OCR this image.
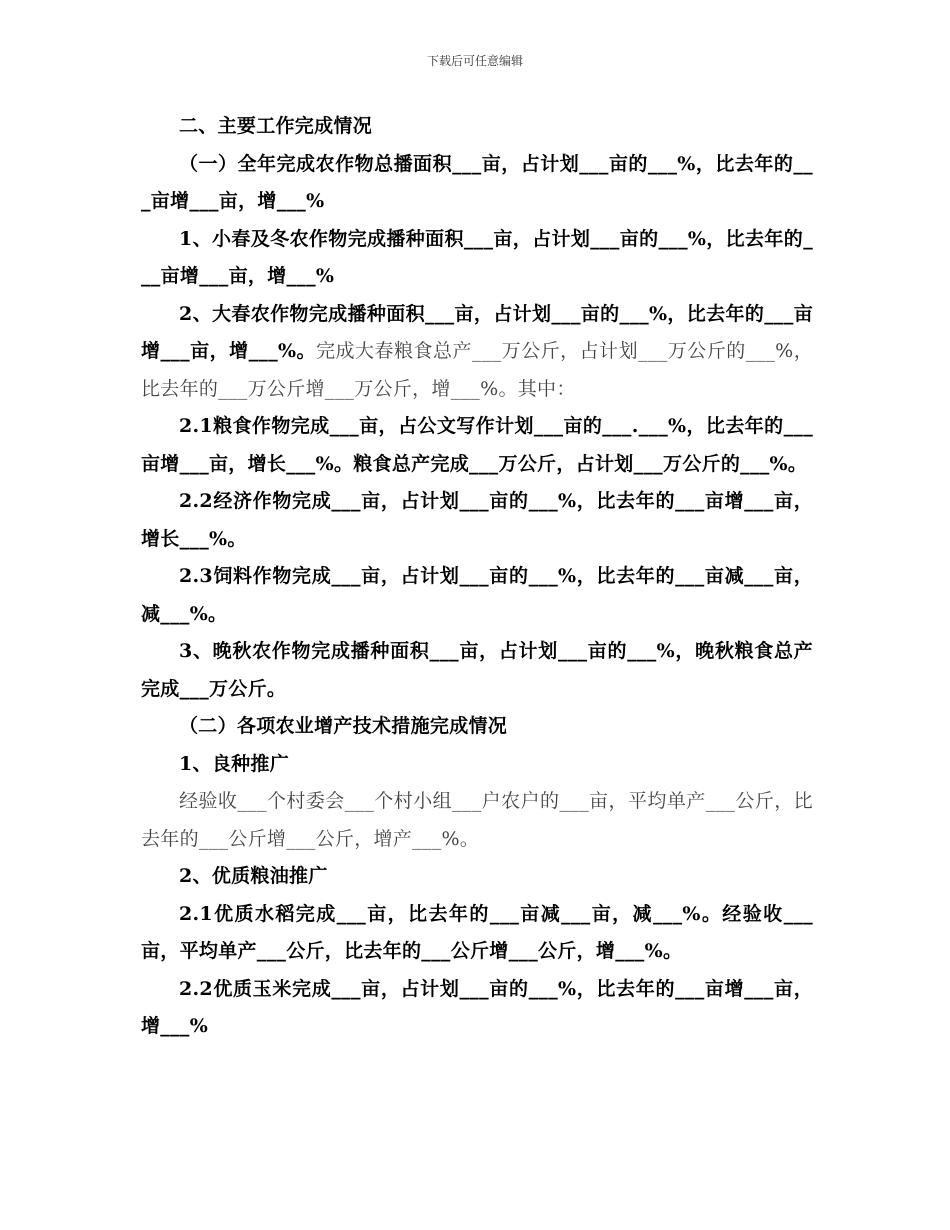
下载后可任意编辑

二、主要工作完成情况

（一）全年完成农作物总播面积___亩，占计划___亩的___%，比去年的___亩增___亩，增___%

1、小春及冬农作物完成播种面积___亩，占计划___亩的___%，比去年的___亩增___亩，增___%

2、大春农作物完成播种面积___亩，占计划___亩的___%，比去年的___亩增___亩，增___%。完成大春粮食总产___万公斤，占计划___万公斤的___%，比去年的___万公斤增___万公斤，增___%。其中：

2.1粮食作物完成___亩，占公文写作计划___亩的___.___%，比去年的___亩增___亩，增长___%。粮食总产完成___万公斤，占计划___万公斤的___%。

2.2经济作物完成___亩，占计划___亩的___%，比去年的___亩增___亩，增长___%。

2.3饲料作物完成___亩，占计划___亩的___%，比去年的___亩减___亩，减___%。

3、晚秋农作物完成播种面积___亩，占计划___亩的___%，晚秋粮食总产完成___万公斤。

（二）各项农业增产技术措施完成情况

1、良种推广

经验收___个村委会___个村小组___户农户的___亩，平均单产___公斤，比去年的___公斤增___公斤，增产___%。

2、优质粮油推广

2.1优质水稻完成___亩，比去年的___亩减___亩，减___%。经验收___亩，平均单产___公斤，比去年的___公斤增___公斤，增___%。

2.2优质玉米完成___亩，占计划___亩的___%，比去年的___亩增___亩，增___%
